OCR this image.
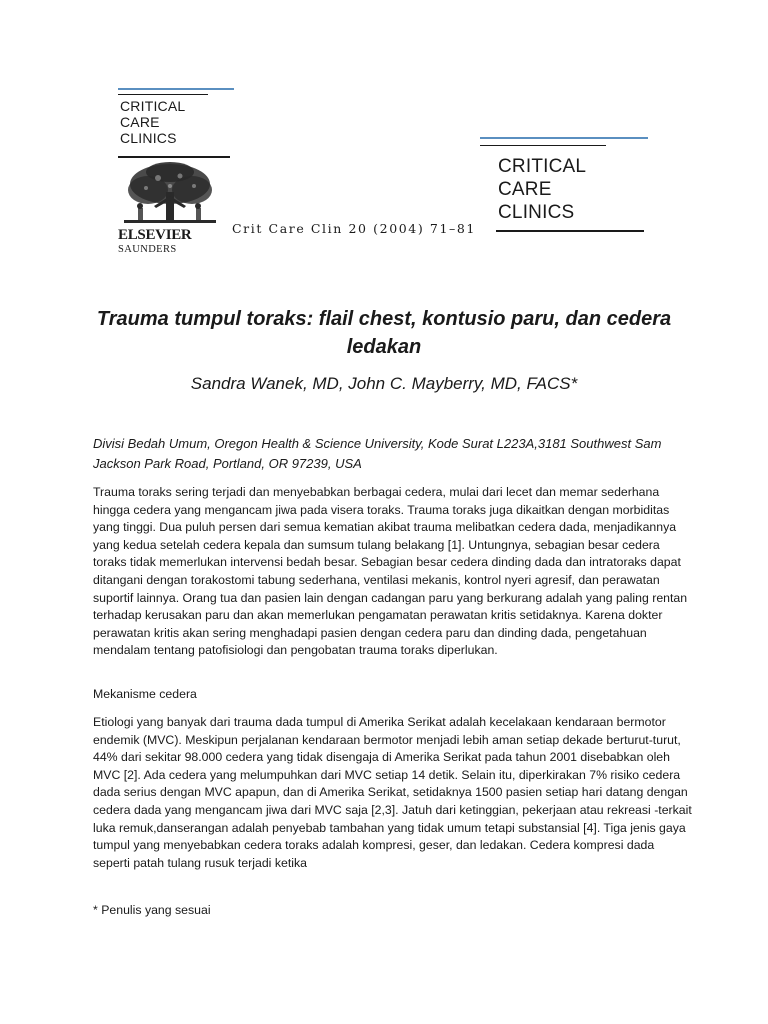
CRITICAL
CARE
CLINICS
ELSEVIER
SAUNDERS
Crit Care Clin 20 (2004) 71–81
CRITICAL
CARE
CLINICS
Trauma tumpul toraks: flail chest, kontusio paru, dan cedera ledakan
Sandra Wanek, MD, John C. Mayberry, MD, FACS*
Divisi Bedah Umum, Oregon Health & Science University, Kode Surat L223A,3181 Southwest Sam Jackson Park Road, Portland, OR 97239, USA

Trauma toraks sering terjadi dan menyebabkan berbagai cedera, mulai dari lecet dan memar sederhana hingga cedera yang mengancam jiwa pada visera toraks. Trauma toraks juga dikaitkan dengan morbiditas yang tinggi. Dua puluh persen dari semua kematian akibat trauma melibatkan cedera dada, menjadikannya yang kedua setelah cedera kepala dan sumsum tulang belakang [1]. Untungnya, sebagian besar cedera toraks tidak memerlukan intervensi bedah besar. Sebagian besar cedera dinding dada dan intratoraks dapat ditangani dengan torakostomi tabung sederhana, ventilasi mekanis, kontrol nyeri agresif, dan perawatan suportif lainnya. Orang tua dan pasien lain dengan cadangan paru yang berkurang adalah yang paling rentan terhadap kerusakan paru dan akan memerlukan pengamatan perawatan kritis setidaknya. Karena dokter perawatan kritis akan sering menghadapi pasien dengan cedera paru dan dinding dada, pengetahuan mendalam tentang patofisiologi dan pengobatan trauma toraks diperlukan.

Mekanisme cedera

Etiologi yang banyak dari trauma dada tumpul di Amerika Serikat adalah kecelakaan kendaraan bermotor endemik (MVC). Meskipun perjalanan kendaraan bermotor menjadi lebih aman setiap dekade berturut-turut, 44% dari sekitar 98.000 cedera yang tidak disengaja di Amerika Serikat pada tahun 2001 disebabkan oleh MVC [2]. Ada cedera yang melumpuhkan dari MVC setiap 14 detik. Selain itu, diperkirakan 7% risiko cedera dada serius dengan MVC apapun, dan di Amerika Serikat, setidaknya 1500 pasien setiap hari datang dengan cedera dada yang mengancam jiwa dari MVC saja [2,3]. Jatuh dari ketinggian, pekerjaan atau rekreasi -terkait luka remuk,danserangan adalah penyebab tambahan yang tidak umum tetapi substansial [4]. Tiga jenis gaya tumpul yang menyebabkan cedera toraks adalah kompresi, geser, dan ledakan. Cedera kompresi dada seperti patah tulang rusuk terjadi ketika

* Penulis yang sesuai
